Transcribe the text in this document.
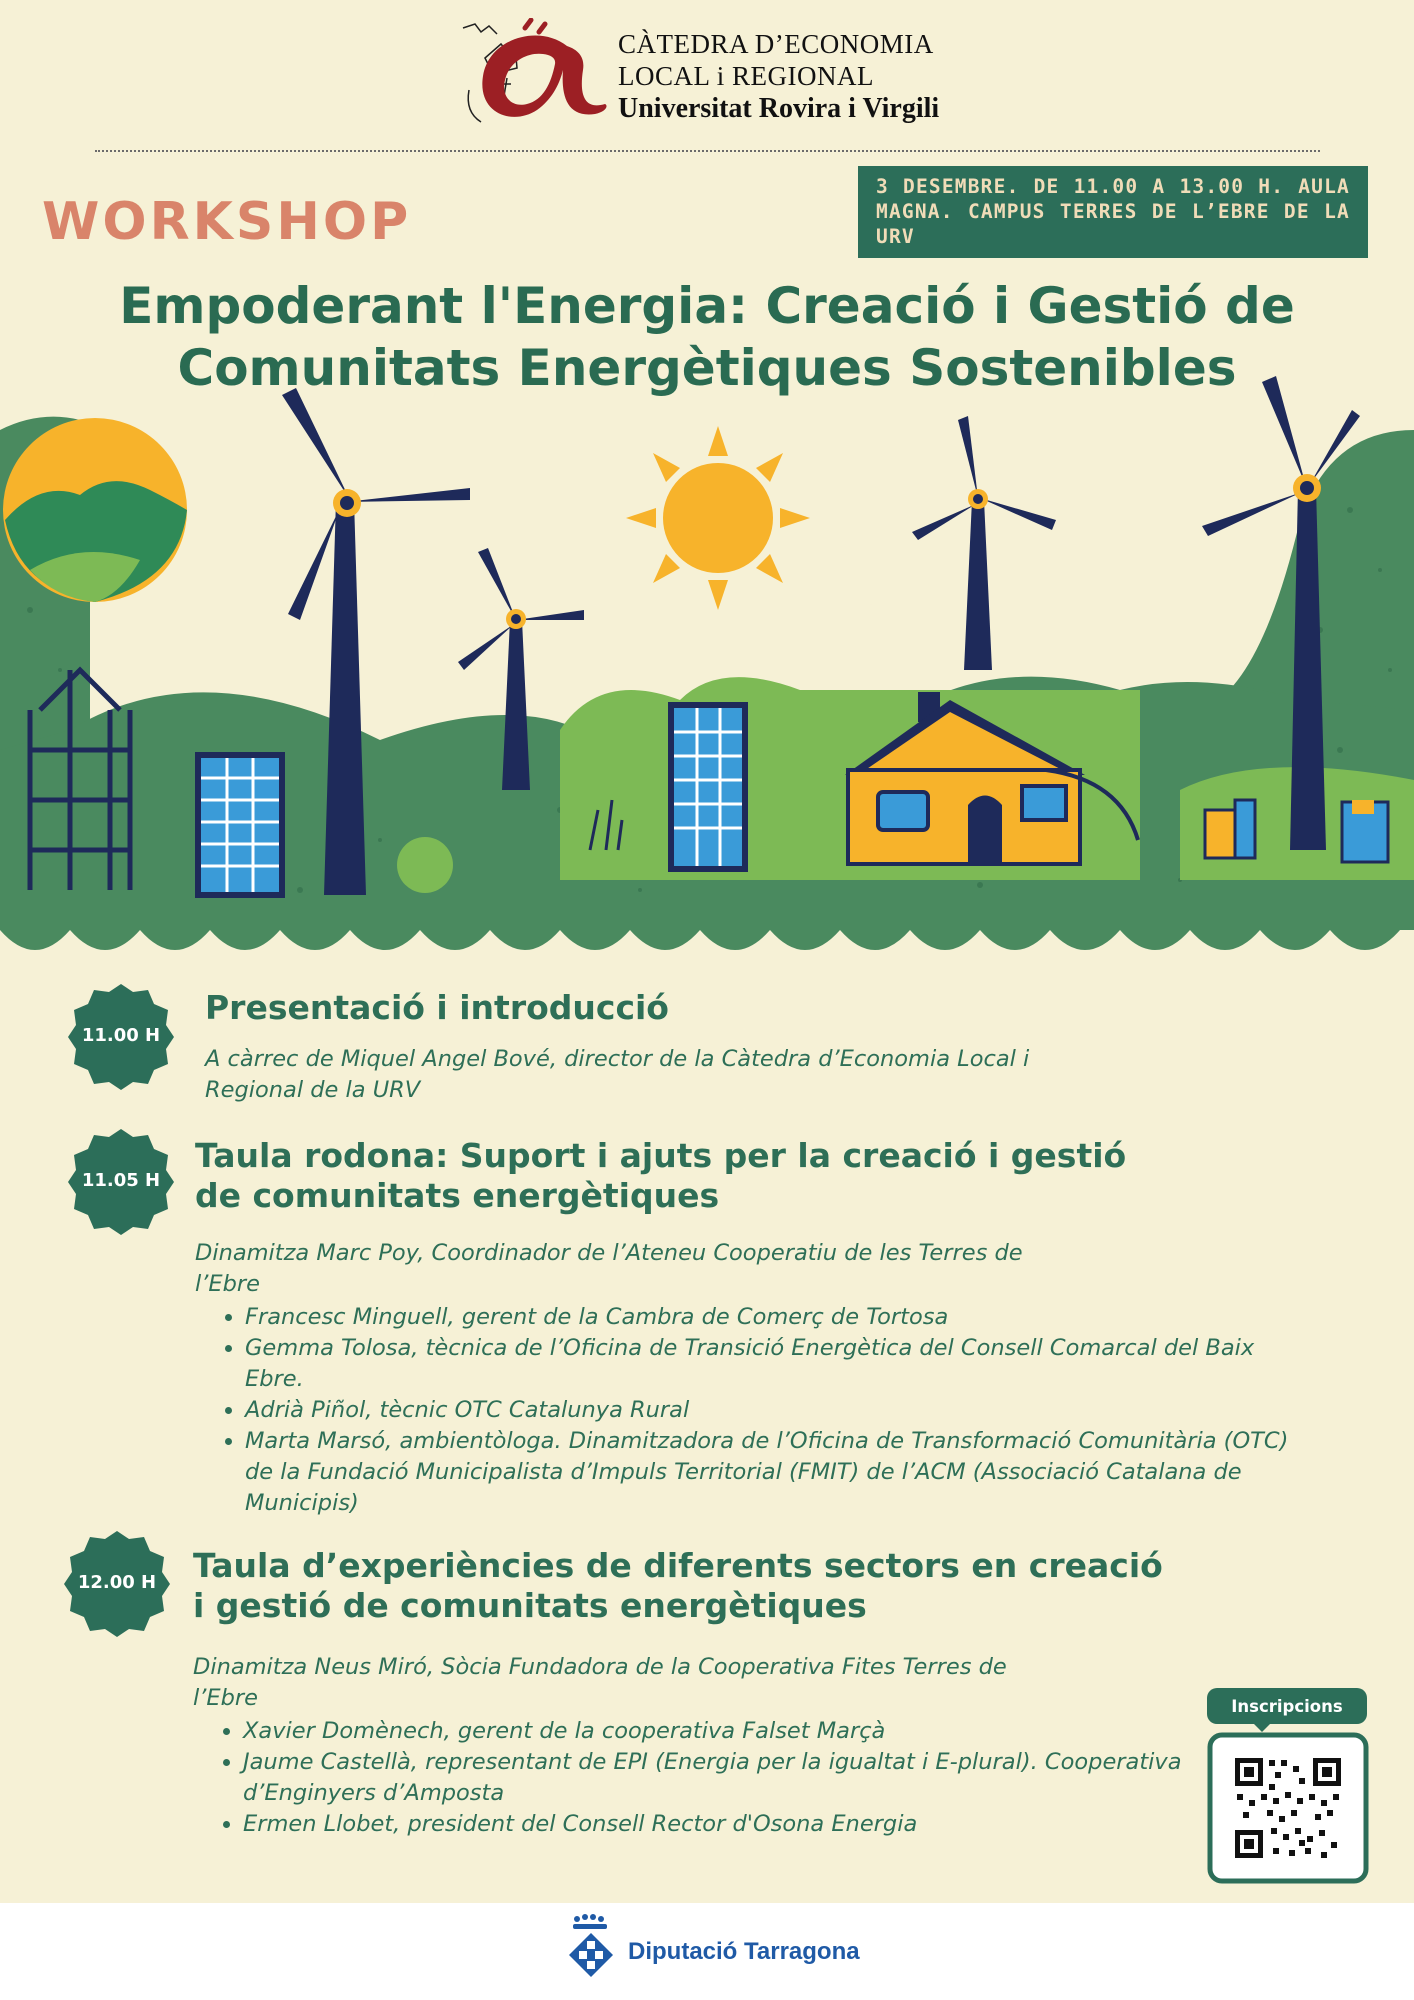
CÀTEDRA D’ECONOMIA
LOCAL i REGIONAL
Universitat Rovira i Virgili
WORKSHOP
3 DESEMBRE. DE 11.00 A 13.00 H. AULA MAGNA. CAMPUS TERRES DE L’EBRE DE LA URV
Empoderant l'Energia: Creació i Gestió de
Comunitats Energètiques Sostenibles
11.00 H
Presentació i introducció
A càrrec de Miquel Angel Bové, director de la Càtedra d’Economia Local i
Regional de la URV
11.05 H
Taula rodona: Suport i ajuts per la creació i gestió
de comunitats energètiques
Dinamitza Marc Poy, Coordinador de l’Ateneu Cooperatiu de les Terres de
l’Ebre
• Francesc Minguell, gerent de la Cambra de Comerç de Tortosa
• Gemma Tolosa, tècnica de l’Oficina de Transició Energètica del Consell Comarcal del Baix Ebre.
• Adrià Piñol, tècnic OTC Catalunya Rural
• Marta Marsó, ambientòloga. Dinamitzadora de l’Oficina de Transformació Comunitària (OTC) de la Fundació Municipalista d’Impuls Territorial (FMIT) de l’ACM (Associació Catalana de Municipis)
12.00 H	Taula d’experiències de diferents sectors en creació
i gestió de comunitats energètiques
Dinamitza Neus Miró, Sòcia Fundadora de la Cooperativa Fites Terres de
l’Ebre
• Xavier Domènech, gerent de la cooperativa Falset Marçà
• Jaume Castellà, representant de EPI (Energia per la igualtat i E-plural). Cooperativa d’Enginyers d’Amposta
• Ermen Llobet, president del Consell Rector d'Osona Energia
Inscripcions
Diputació Tarragona
